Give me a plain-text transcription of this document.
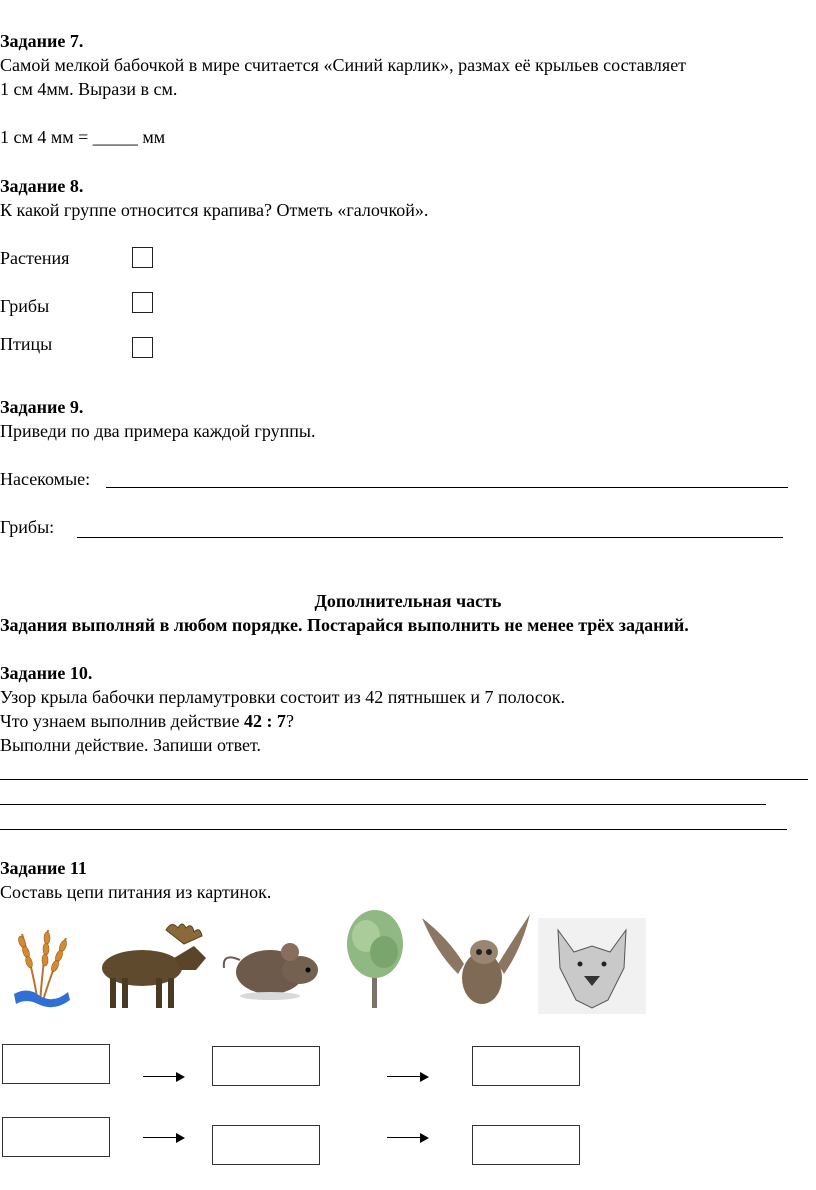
Задание 7.
Самой мелкой бабочкой в мире считается «Синий карлик», размах её крыльев составляет
1 см 4мм. Вырази в см.
1 см 4 мм = _____ мм
Задание 8.
К какой группе относится крапива? Отметь «галочкой».
Растения
Грибы
Птицы
Задание 9.
Приведи по два примера каждой группы.
Насекомые:
Грибы:
Дополнительная часть
Задания выполняй в любом порядке. Постарайся выполнить не менее трёх заданий.
Задание 10.
Узор крыла бабочки перламутровки состоит из 42 пятнышек и 7 полосок.
Что узнаем выполнив действие 42 : 7?
Выполни действие. Запиши ответ.
Задание 11
Составь цепи питания из картинок.
